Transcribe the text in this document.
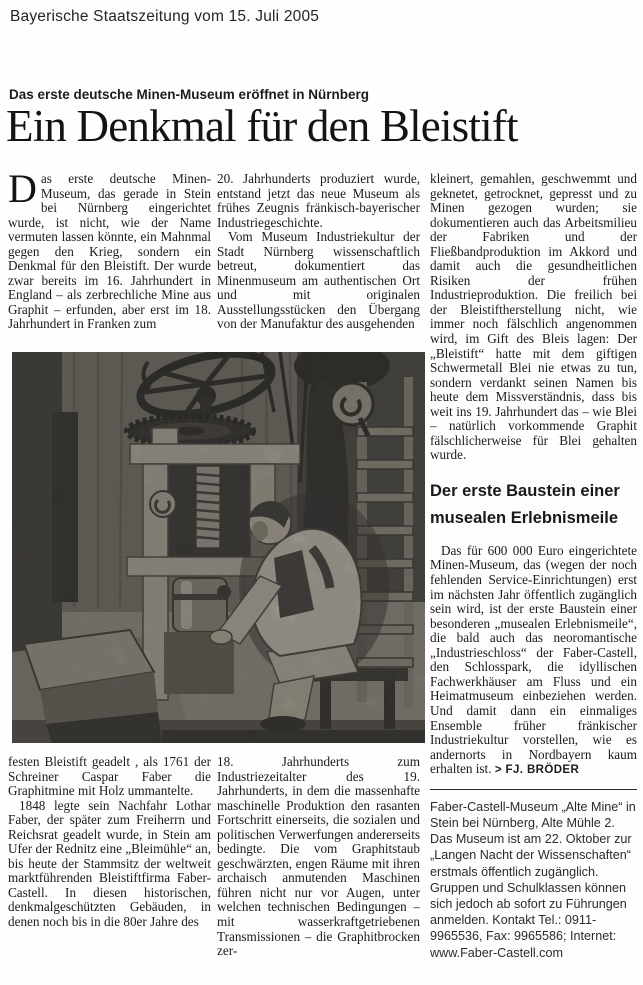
Bayerische Staatszeitung vom 15. Juli 2005
Das erste deutsche Minen-Museum eröffnet in Nürnberg
Ein Denkmal für den Bleistift

Das erste deutsche Minen-Museum, das gerade in Stein bei Nürnberg eingerichtet wurde, ist nicht, wie der Name vermuten lassen könnte, ein Mahnmal gegen den Krieg, sondern ein Denkmal für den Bleistift. Der wurde zwar bereits im 16. Jahrhundert in England – als zerbrechliche Mine aus Graphit – erfunden, aber erst im 18. Jahrhundert in Franken zum

20. Jahrhunderts produziert wurde, entstand jetzt das neue Museum als frühes Zeugnis fränkisch-bayerischer Industriegeschichte.

Vom Museum Industriekultur der Stadt Nürnberg wissenschaftlich betreut, dokumentiert das Minenmuseum am authentischen Ort und mit originalen Ausstellungsstücken den Übergang von der Manufaktur des ausgehenden

kleinert, gemahlen, geschwemmt und geknetet, getrocknet, gepresst und zu Minen gezogen wurden; sie dokumentieren auch das Arbeitsmilieu der Fabriken und der Fließbandproduktion im Akkord und damit auch die gesundheitlichen Risiken der frühen Industrieproduktion. Die freilich bei der Bleistiftherstellung nicht, wie immer noch fälschlich angenommen wird, im Gift des Bleis lagen: Der „Bleistift“ hatte mit dem giftigen Schwermetall Blei nie etwas zu tun, sondern verdankt seinen Namen bis heute dem Missverständnis, dass bis weit ins 19. Jahrhundert das – wie Blei – natürlich vorkommende Graphit fälschlicherweise für Blei gehalten wurde.

Der erste Baustein einer musealen Erlebnismeile

Das für 600 000 Euro eingerichtete Minen-Museum, das (wegen der noch fehlenden Service-Einrichtungen) erst im nächsten Jahr öffentlich zugänglich sein wird, ist der erste Baustein einer besonderen „musealen Erlebnismeile“, die bald auch das neoromantische „Industrieschloss“ der Faber-Castell, den Schlosspark, die idyllischen Fachwerkhäuser am Fluss und ein Heimatmuseum einbeziehen werden. Und damit dann ein einmaliges Ensemble früher fränkischer Industriekultur vorstellen, wie es andernorts in Nordbayern kaum erhalten ist. > FJ. BRÖDER

Faber-Castell-Museum „Alte Mine“ in Stein bei Nürnberg, Alte Mühle 2. Das Museum ist am 22. Oktober zur „Langen Nacht der Wissenschaften“ erstmals öffentlich zugänglich. Gruppen und Schulklassen können sich jedoch ab sofort zu Führungen anmelden. Kontakt Tel.: 0911-9965536, Fax: 9965586; Internet: www.Faber-Castell.com

festen Bleistift geadelt , als 1761 der Schreiner Caspar Faber die Graphitmine mit Holz ummantelte.

1848 legte sein Nachfahr Lothar Faber, der später zum Freiherrn und Reichsrat geadelt wurde, in Stein am Ufer der Rednitz eine „Bleimühle“ an, bis heute der Stammsitz der weltweit marktführenden Bleistiftfirma Faber-Castell. In diesen historischen, denkmalgeschützten Gebäuden, in denen noch bis in die 80er Jahre des

18. Jahrhunderts zum Industriezeitalter des 19. Jahrhunderts, in dem die massenhafte maschinelle Produktion den rasanten Fortschritt einerseits, die sozialen und politischen Verwerfungen andererseits bedingte. Die vom Graphitstaub geschwärzten, engen Räume mit ihren archaisch anmutenden Maschinen führen nicht nur vor Augen, unter welchen technischen Bedingungen – mit wasserkraftgetriebenen Transmissionen – die Graphitbrocken zer-
